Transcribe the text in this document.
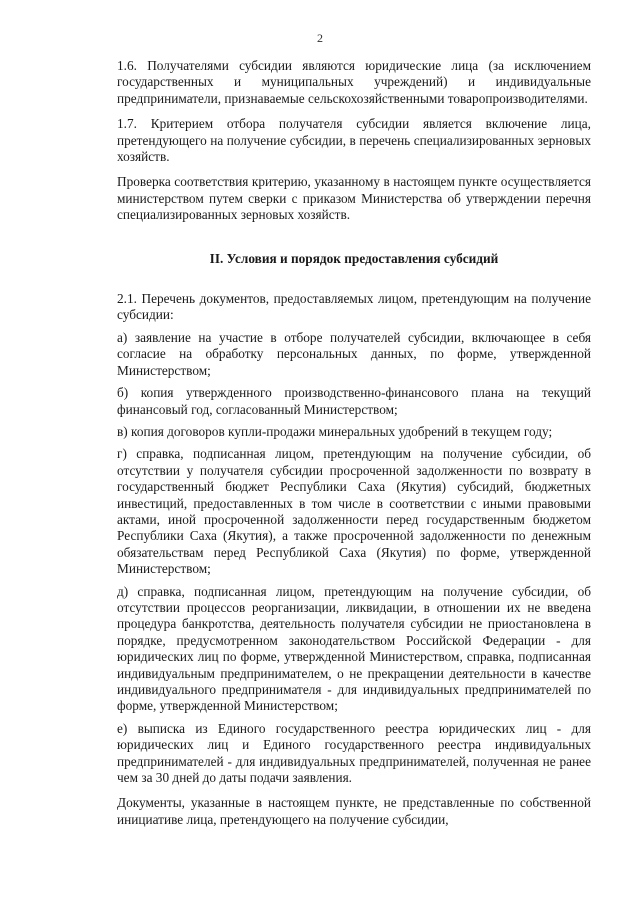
2

1.6. Получателями субсидии являются юридические лица (за исключением государственных и муниципальных учреждений) и индивидуальные предприниматели, признаваемые сельскохозяйственными товаропроизводителями.

1.7. Критерием отбора получателя субсидии является включение лица, претендующего на получение субсидии, в перечень специализированных зерновых хозяйств.

Проверка соответствия критерию, указанному в настоящем пункте осуществляется министерством путем сверки с приказом Министерства об утверждении перечня специализированных зерновых хозяйств.

II. Условия и порядок предоставления субсидий

2.1. Перечень документов, предоставляемых лицом, претендующим на получение субсидии:

а) заявление на участие в отборе получателей субсидии, включающее в себя согласие на обработку персональных данных, по форме, утвержденной Министерством;

б) копия утвержденного производственно-финансового плана на текущий финансовый год, согласованный Министерством;

в) копия договоров купли-продажи минеральных удобрений в текущем году;

г) справка, подписанная лицом, претендующим на получение субсидии, об отсутствии у получателя субсидии просроченной задолженности по возврату в государственный бюджет Республики Саха (Якутия) субсидий, бюджетных инвестиций, предоставленных в том числе в соответствии с иными правовыми актами, иной просроченной задолженности перед государственным бюджетом Республики Саха (Якутия), а также просроченной задолженности по денежным обязательствам перед Республикой Саха (Якутия) по форме, утвержденной Министерством;

д) справка, подписанная лицом, претендующим на получение субсидии, об отсутствии процессов реорганизации, ликвидации, в отношении их не введена процедура банкротства, деятельность получателя субсидии не приостановлена в порядке, предусмотренном законодательством Российской Федерации - для юридических лиц по форме, утвержденной Министерством, справка, подписанная индивидуальным предпринимателем, о не прекращении деятельности в качестве индивидуального предпринимателя - для индивидуальных предпринимателей по форме, утвержденной Министерством;

е) выписка из Единого государственного реестра юридических лиц - для юридических лиц и Единого государственного реестра индивидуальных предпринимателей - для индивидуальных предпринимателей, полученная не ранее чем за 30 дней до даты подачи заявления.

Документы, указанные в настоящем пункте, не представленные по собственной инициативе лица, претендующего на получение субсидии,
